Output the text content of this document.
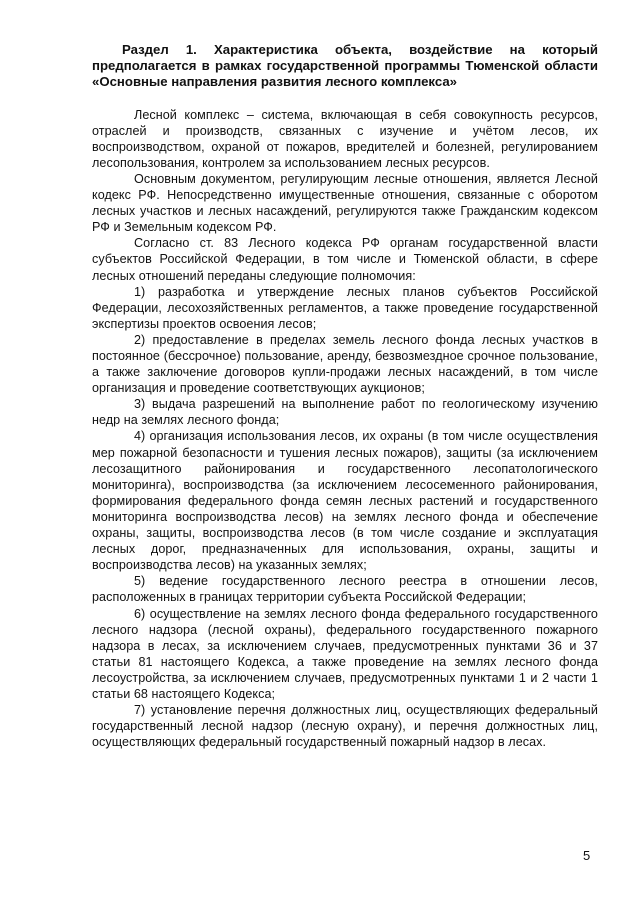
Раздел 1. Характеристика объекта, воздействие на который предполагается в рамках государственной программы Тюменской области «Основные направления развития лесного комплекса»

Лесной комплекс – система, включающая в себя совокупность ресурсов, отраслей и производств, связанных с изучение и учётом лесов, их воспроизводством, охраной от пожаров, вредителей и болезней, регулированием лесопользования, контролем за использованием лесных ресурсов.

Основным документом, регулирующим лесные отношения, является Лесной кодекс РФ. Непосредственно имущественные отношения, связанные с оборотом лесных участков и лесных насаждений, регулируются также Гражданским кодексом РФ и Земельным кодексом РФ.

Согласно ст. 83 Лесного кодекса РФ органам государственной власти субъектов Российской Федерации, в том числе и Тюменской области, в сфере лесных отношений переданы следующие полномочия:

1) разработка и утверждение лесных планов субъектов Российской Федерации, лесохозяйственных регламентов, а также проведение государственной экспертизы проектов освоения лесов;

2) предоставление в пределах земель лесного фонда лесных участков в постоянное (бессрочное) пользование, аренду, безвозмездное срочное пользование, а также заключение договоров купли-продажи лесных насаждений, в том числе организация и проведение соответствующих аукционов;

3) выдача разрешений на выполнение работ по геологическому изучению недр на землях лесного фонда;

4) организация использования лесов, их охраны (в том числе осуществления мер пожарной безопасности и тушения лесных пожаров), защиты (за исключением лесозащитного районирования и государственного лесопатологического мониторинга), воспроизводства (за исключением лесосеменного районирования, формирования федерального фонда семян лесных растений и государственного мониторинга воспроизводства лесов) на землях лесного фонда и обеспечение охраны, защиты, воспроизводства лесов (в том числе создание и эксплуатация лесных дорог, предназначенных для использования, охраны, защиты и воспроизводства лесов) на указанных землях;

5) ведение государственного лесного реестра в отношении лесов, расположенных в границах территории субъекта Российской Федерации;

6) осуществление на землях лесного фонда федерального государственного лесного надзора (лесной охраны), федерального государственного пожарного надзора в лесах, за исключением случаев, предусмотренных пунктами 36 и 37 статьи 81 настоящего Кодекса, а также проведение на землях лесного фонда лесоустройства, за исключением случаев, предусмотренных пунктами 1 и 2 части 1 статьи 68 настоящего Кодекса;

7) установление перечня должностных лиц, осуществляющих федеральный государственный лесной надзор (лесную охрану), и перечня должностных лиц, осуществляющих федеральный государственный пожарный надзор в лесах.

5
